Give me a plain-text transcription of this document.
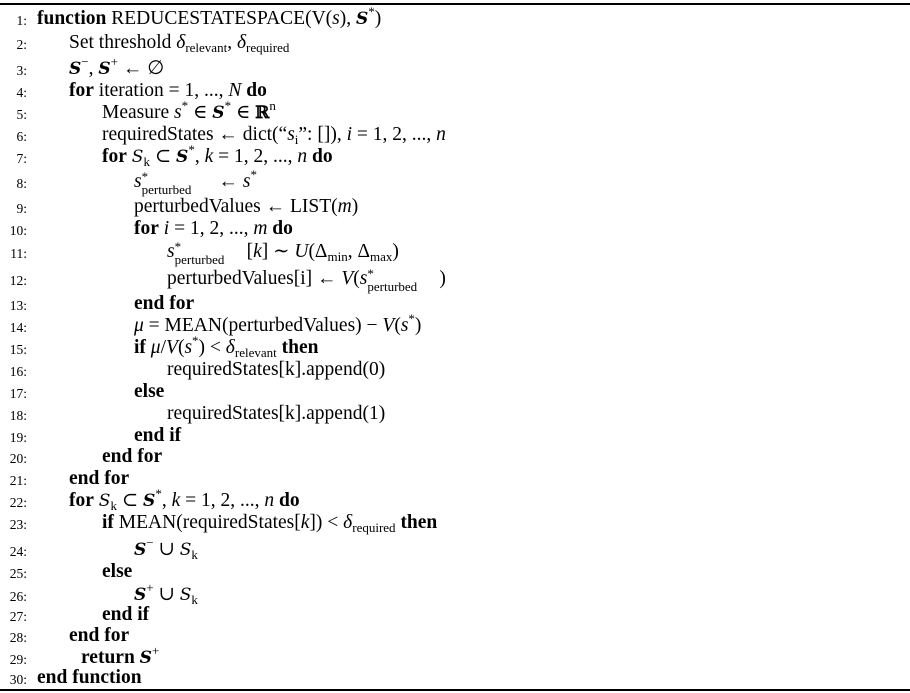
1: function REDUCESTATESPACE(V(s), S*)
2: Set threshold $\delta_{relevant}$, $\delta_{required}$
3: S−, S+ ← ∅
4: for iteration = 1, ..., N do
5:	Measure s* ∈ S* ∈ ℝ$^n$
6:	requiredStates ← $dict(“s_i$”: []), i = 1, 2, ..., n
7:	for $S_k$ ⊂ S*, k = 1, 2, ..., n do
8:	s *
perturbed ← s*
9:	perturbedValues ← LIST(m)
10:	for i = 1, 2, ..., m do
11:	s *
perturbed [k] ∼ $U(\Delta_{min}$, $\Delta_{max}$)
12:	perturbedValues[i] ← V(s *
perturbed )
13:	end for
14:	μ = MEAN(perturbedValues) − V(s*)
15:	if $\mu/V(s^*) < \delta_{relevant}$ then
16:	requiredStates[k].append(0)
17:	else
18:	requiredStates[k].append(1)
19:	end if
20:	end for
21: end for
22: for $S_k$ ⊂ S*, k = 1, 2, ..., n do
23:	if MEAN(requiredStates[k]) < $\delta_{required}$ then
24:	S− ∪ $S_k$
25:	else
26:	S+ ∪ $S_k$
27:	end if
28: end for
29:	return S+
30: end function
